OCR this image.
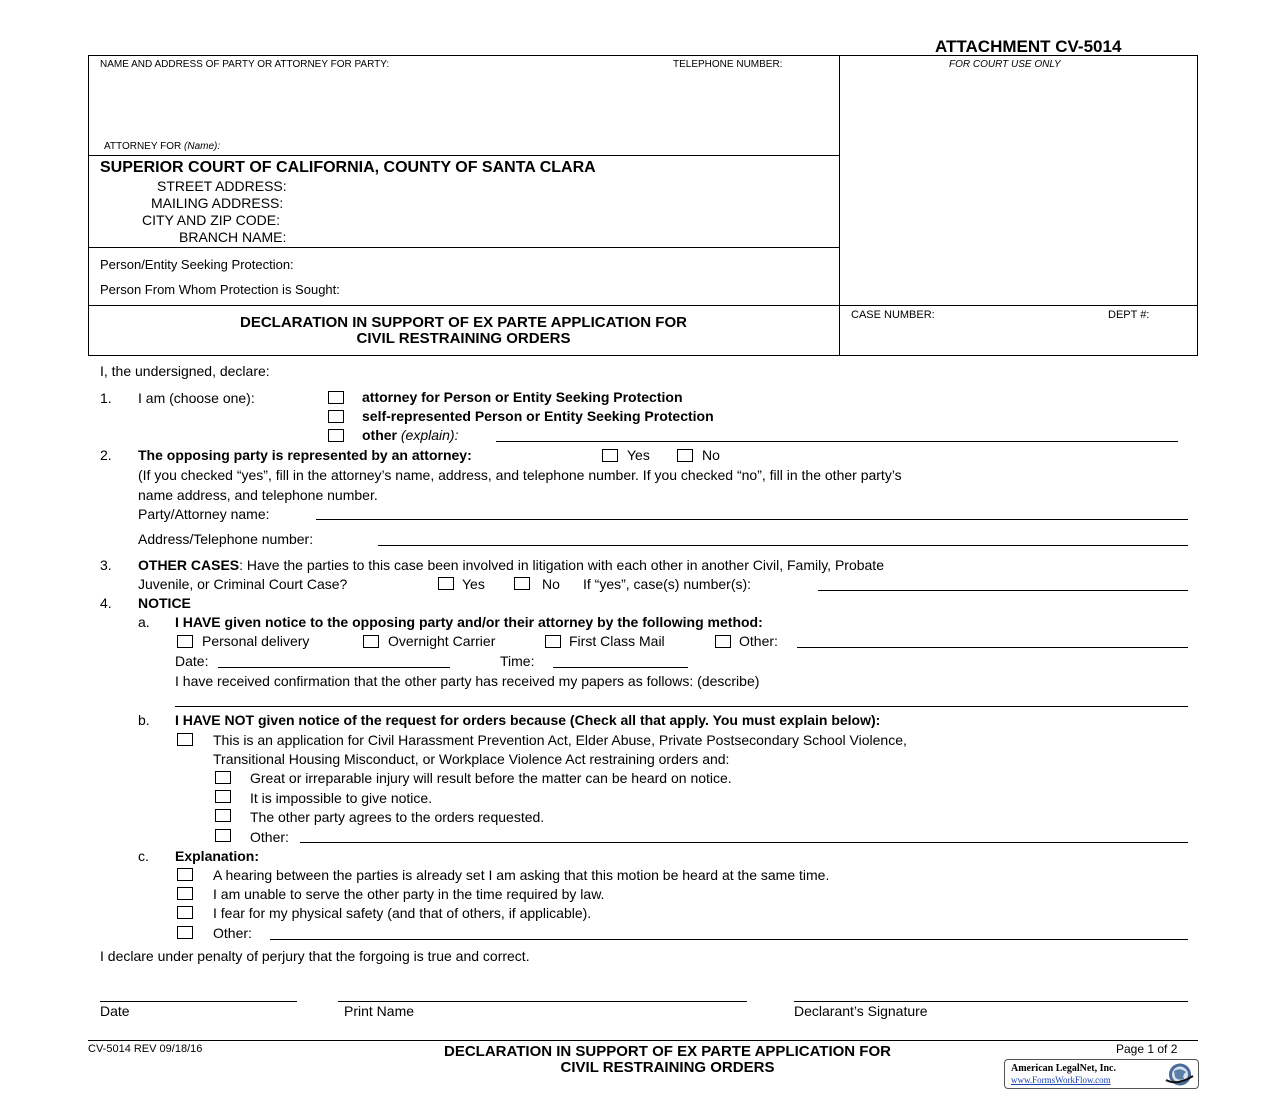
ATTACHMENT CV-5014
NAME AND ADDRESS OF PARTY OR ATTORNEY FOR PARTY:	TELEPHONE NUMBER:	FOR COURT USE ONLY
ATTORNEY FOR (Name):
SUPERIOR COURT OF CALIFORNIA, COUNTY OF SANTA CLARA
STREET ADDRESS:
MAILING ADDRESS:
CITY AND ZIP CODE:
BRANCH NAME:
Person/Entity Seeking Protection:
Person From Whom Protection is Sought:
DECLARATION IN SUPPORT OF EX PARTE APPLICATION FOR
CIVIL RESTRAINING ORDERS
CASE NUMBER:	DEPT #:
I, the undersigned, declare:
1. I am (choose one):	attorney for Person or Entity Seeking Protection
self-represented Person or Entity Seeking Protection
other (explain):
2. The opposing party is represented by an attorney:	Yes	No
(If you checked “yes”, fill in the attorney’s name, address, and telephone number. If you checked “no”, fill in the other party’s
name address, and telephone number.
Party/Attorney name:
Address/Telephone number:
3. OTHER CASES: Have the parties to this case been involved in litigation with each other in another Civil, Family, Probate
Juvenile, or Criminal Court Case?	Yes	No If “yes”, case(s) number(s):
4. NOTICE
a. I HAVE given notice to the opposing party and/or their attorney by the following method:
Personal delivery	Overnight Carrier	First Class Mail	Other:
Date:	Time:
I have received confirmation that the other party has received my papers as follows: (describe)
b. I HAVE NOT given notice of the request for orders because (Check all that apply. You must explain below):
This is an application for Civil Harassment Prevention Act, Elder Abuse, Private Postsecondary School Violence,
Transitional Housing Misconduct, or Workplace Violence Act restraining orders and:
Great or irreparable injury will result before the matter can be heard on notice.
It is impossible to give notice.
The other party agrees to the orders requested.
Other:
c. Explanation:
A hearing between the parties is already set I am asking that this motion be heard at the same time.
I am unable to serve the other party in the time required by law.
I fear for my physical safety (and that of others, if applicable).
Other:
I declare under penalty of perjury that the forgoing is true and correct.
Date	Print Name	Declarant’s Signature
CV-5014 REV 09/18/16	DECLARATION IN SUPPORT OF EX PARTE APPLICATION FOR
CIVIL RESTRAINING ORDERS
Page 1 of 2
American LegalNet, Inc.
www.FormsWorkFlow.com
